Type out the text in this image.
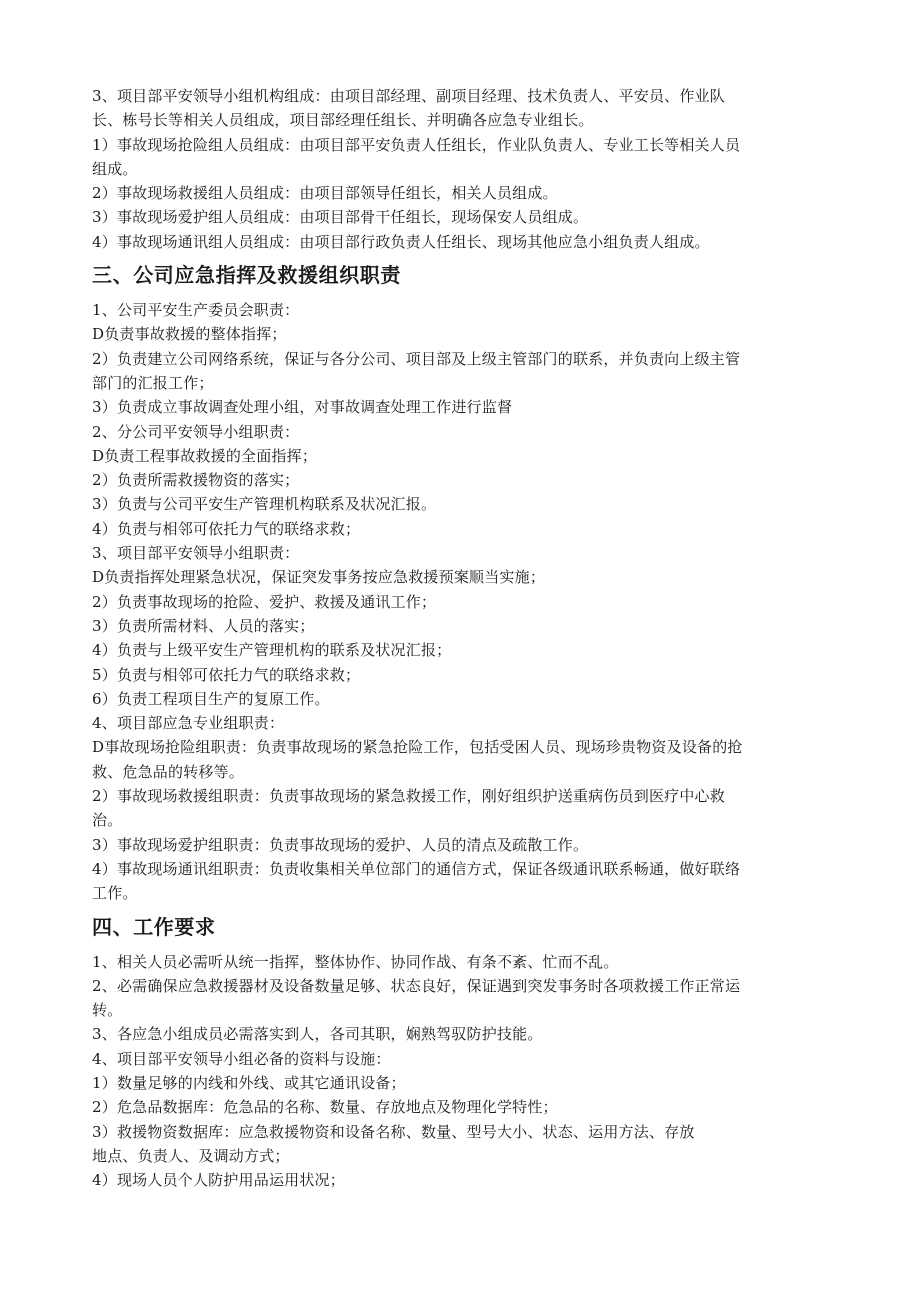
3、项目部平安领导小组机构组成：由项目部经理、副项目经理、技术负责人、平安员、作业队

长、栋号长等相关人员组成，项目部经理任组长、并明确各应急专业组长。

1）事故现场抢险组人员组成：由项目部平安负责人任组长，作业队负责人、专业工长等相关人员

组成。

2）事故现场救援组人员组成：由项目部领导任组长，相关人员组成。

3）事故现场爱护组人员组成：由项目部骨干任组长，现场保安人员组成。

4）事故现场通讯组人员组成：由项目部行政负责人任组长、现场其他应急小组负责人组成。

三、公司应急指挥及救援组织职责

1、公司平安生产委员会职责：

D负责事故救援的整体指挥；

2）负责建立公司网络系统，保证与各分公司、项目部及上级主管部门的联系，并负责向上级主管

部门的汇报工作；

3）负责成立事故调查处理小组，对事故调查处理工作进行监督

2、分公司平安领导小组职责：

D负责工程事故救援的全面指挥；

2）负责所需救援物资的落实；

3）负责与公司平安生产管理机构联系及状况汇报。

4）负责与相邻可依托力气的联络求救；

3、项目部平安领导小组职责：

D负责指挥处理紧急状况，保证突发事务按应急救援预案顺当实施；

2）负责事故现场的抢险、爱护、救援及通讯工作；

3）负责所需材料、人员的落实；

4）负责与上级平安生产管理机构的联系及状况汇报；

5）负责与相邻可依托力气的联络求救；

6）负责工程项目生产的复原工作。

4、项目部应急专业组职责：

D事故现场抢险组职责：负责事故现场的紧急抢险工作，包括受困人员、现场珍贵物资及设备的抢

救、危急品的转移等。

2）事故现场救援组职责：负责事故现场的紧急救援工作，刚好组织护送重病伤员到医疗中心救

治。

3）事故现场爱护组职责：负责事故现场的爱护、人员的清点及疏散工作。

4）事故现场通讯组职责：负责收集相关单位部门的通信方式，保证各级通讯联系畅通，做好联络

工作。

四、工作要求

1、相关人员必需听从统一指挥，整体协作、协同作战、有条不紊、忙而不乱。

2、必需确保应急救援器材及设备数量足够、状态良好，保证遇到突发事务时各项救援工作正常运

转。

3、各应急小组成员必需落实到人，各司其职，娴熟驾驭防护技能。

4、项目部平安领导小组必备的资料与设施：

1）数量足够的内线和外线、或其它通讯设备；

2）危急品数据库：危急品的名称、数量、存放地点及物理化学特性；

3）救援物资数据库：应急救援物资和设备名称、数量、型号大小、状态、运用方法、存放

地点、负责人、及调动方式；

4）现场人员个人防护用品运用状况；
